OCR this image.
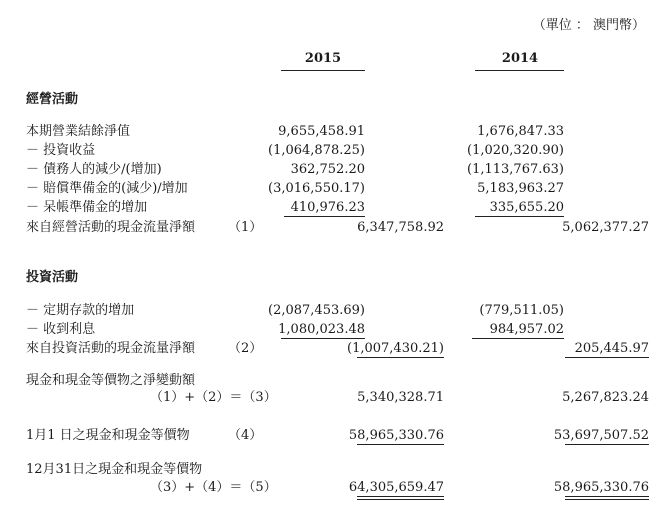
（單位 ： 澳門幣）
2015	2014
經營活動
本期營業結餘淨值	9,655,458.91	1,676,847.33
－ 投資收益	(1,064,878.25)	(1,020,320.90)
－ 債務人的減少/(增加)	362,752.20	(1,113,767.63)
－ 賠償準備金的(減少)/增加	(3,016,550.17)	5,183,963.27
－ 呆帳準備金的增加	410,976.23	335,655.20
來自經營活動的現金流量淨額	（1）	6,347,758.92	5,062,377.27
投資活動
－ 定期存款的增加	(2,087,453.69)	(779,511.05)
－ 收到利息	1,080,023.48	984,957.02
來自投資活動的現金流量淨額	（2）	(1,007,430.21)	205,445.97
現金和現金等價物之淨變動額
（1）+（2）＝（3）	5,340,328.71	5,267,823.24
1月1 日之現金和現金等價物	（4）	58,965,330.76	53,697,507.52
12月31日之現金和現金等價物
（3）+（4）＝（5）	64,305,659.47	58,965,330.76
